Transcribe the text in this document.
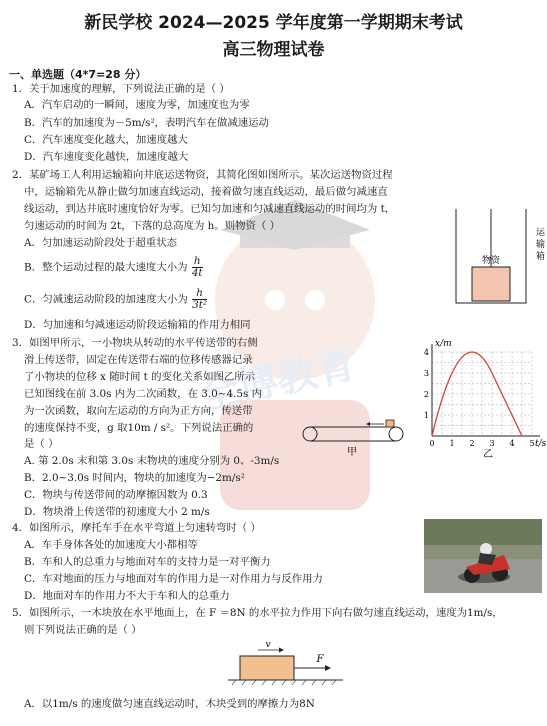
全博教育
新民学校 2024—2025 学年度第一学期期末考试
高三物理试卷
一、单选题（4*7=28 分）
1．关于加速度的理解，下列说法正确的是（ ）
A．汽车启动的一瞬间，速度为零，加速度也为零
B．汽车的加速度为－5m/s²，表明汽车在做减速运动
C．汽车速度变化越大，加速度越大
D．汽车速度变化越快，加速度越大
2．某矿场工人利用运输箱向井底运送物资，其简化图如图所示。某次运送物资过程
中，运输箱先从静止做匀加速直线运动，接着做匀速直线运动，最后做匀减速直
线运动，到达井底时速度恰好为零。已知匀加速和匀减速直线运动的时间均为 t，
匀速运动的时间为 2t，下落的总高度为 h。则物资（ ）
A．匀加速运动阶段处于超重状态
B．整个运动过程的最大速度大小为 $\frac{h}{4t}$
C．匀减速运动阶段的加速度大小为 $\frac{h}{\text{3t²}}$
D．匀加速和匀减速运动阶段运输箱的作用力相同
物资
运输箱
3．如图甲所示，一小物块从转动的水平传送带的右侧
滑上传送带，固定在传送带右端的位移传感器记录
了小物块的位移 x 随时间 t 的变化关系如图乙所示
已知图线在前 3.0s 内为二次函数，在 3.0~4.5s 内
为一次函数，取向左运动的方向为正方向，传送带
的速度保持不变，g 取10m / s²。下列说法正确的
是（ ）
A. 第 2.0s 末和第 3.0s 末物块的速度分别为 0、-3m/s
B．2.0~3.0s 时间内，物块的加速度为−2m/s²
C．物块与传送带间的动摩擦因数为 0.3
D．物块滑上传送带的初速度大小 2 m/s
甲
0 1 2 3 4 5
1
2
3
4
x/m
t/s
乙
4．如图所示，摩托车手在水平弯道上匀速转弯时（ ）
A．车手身体各处的加速度大小都相等
B．车和人的总重力与地面对车的支持力是一对平衡力
C．车对地面的压力与地面对车的作用力是一对作用力与反作用力
D．地面对车的作用力不大于车和人的总重力
5．如图所示，一木块放在水平地面上，在 F ＝8N 的水平拉力作用下向右做匀速直线运动，速度为1m/s，
则下列说法正确的是（ ）
v
F
A．以1m/s 的速度做匀速直线运动时，木块受到的摩擦力为8N
